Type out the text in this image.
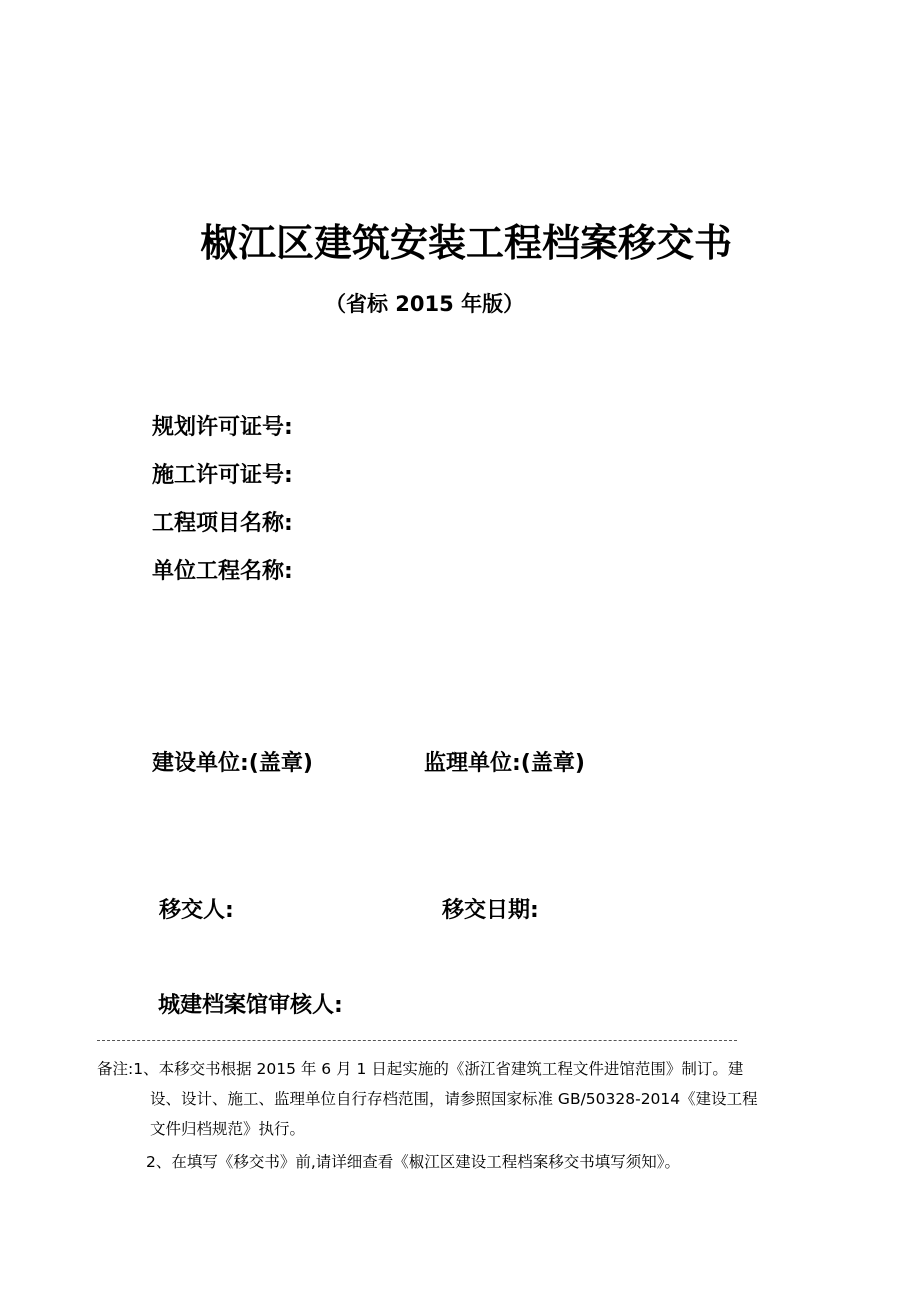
椒江区建筑安装工程档案移交书
（省标 2015 年版）
规划许可证号:
施工许可证号:
工程项目名称:
单位工程名称:
建设单位:(盖章)	监理单位:(盖章)
移交人:	移交日期:
城建档案馆审核人:
备注:1、本移交书根据 2015 年 6 月 1 日起实施的《浙江省建筑工程文件进馆范围》制订。建
设、设计、施工、监理单位自行存档范围，请参照国家标准 GB/50328-2014《建设工程
文件归档规范》执行。
2、在填写《移交书》前,请详细查看《椒江区建设工程档案移交书填写须知》。
